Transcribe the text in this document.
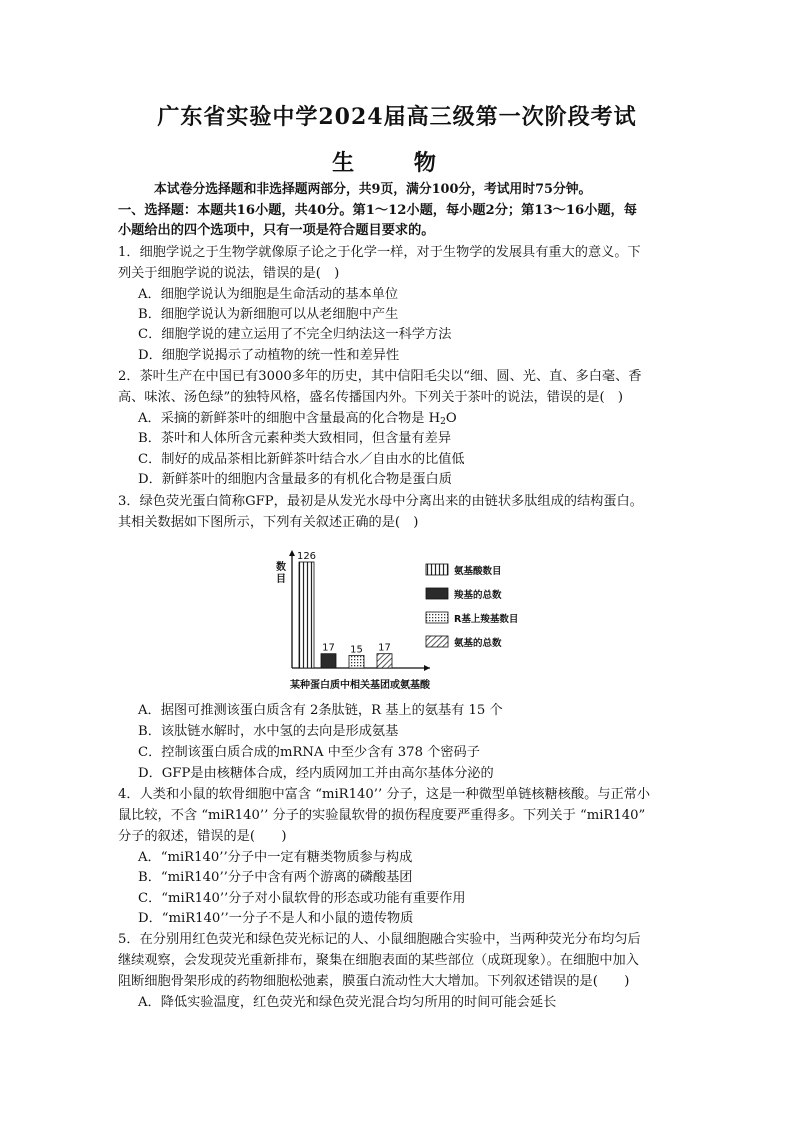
广东省实验中学2024届高三级第一次阶段考试
生 物
本试卷分选择题和非选择题两部分，共9页，满分100分，考试用时75分钟。
一、选择题：本题共16小题，共40分。第1～12小题，每小题2分；第13～16小题，每
小题给出的四个选项中，只有一项是符合题目要求的。
1．细胞学说之于生物学就像原子论之于化学一样，对于生物学的发展具有重大的意义。下
列关于细胞学说的说法，错误的是(　)
A．细胞学说认为细胞是生命活动的基本单位
B．细胞学说认为新细胞可以从老细胞中产生
C．细胞学说的建立运用了不完全归纳法这一科学方法
D．细胞学说揭示了动植物的统一性和差异性
2．茶叶生产在中国已有3000多年的历史，其中信阳毛尖以“细、圆、光、直、多白毫、香
高、味浓、汤色绿”的独特风格，盛名传播国内外。下列关于茶叶的说法，错误的是(　)
A．采摘的新鲜茶叶的细胞中含量最高的化合物是 $H_2O$
B．茶叶和人体所含元素种类大致相同，但含量有差异
C．制好的成品茶相比新鲜茶叶结合水／自由水的比值低
D．新鲜茶叶的细胞内含量最多的有机化合物是蛋白质
3．绿色荧光蛋白简称GFP，最初是从发光水母中分离出来的由链状多肽组成的结构蛋白。
其相关数据如下图所示，下列有关叙述正确的是(　)
数目
某种蛋白质中相关基团或氨基酸
126
17 15 17
氨基酸数目
羧基的总数
R基上羧基数目
氨基的总数
A．据图可推测该蛋白质含有 2条肽链，R 基上的氨基有 15 个
B．该肽链水解时，水中氢的去向是形成氨基
C．控制该蛋白质合成的mRNA 中至少含有 378 个密码子
D．GFP是由核糖体合成，经内质网加工并由高尔基体分泌的
4．人类和小鼠的软骨细胞中富含 “miR140’’ 分子，这是一种微型单链核糖核酸。与正常小
鼠比较，不含 “miR140’’ 分子的实验鼠软骨的损伤程度要严重得多。下列关于 “miR140”
分子的叙述，错误的是(　　)
A．“miR140’’分子中一定有糖类物质参与构成
B．“miR140’’分子中含有两个游离的磷酸基团
C．“miR140’’分子对小鼠软骨的形态或功能有重要作用
D．“miR140’’一分子不是人和小鼠的遗传物质
5．在分别用红色荧光和绿色荧光标记的人、小鼠细胞融合实验中，当两种荧光分布均匀后
继续观察，会发现荧光重新排布，聚集在细胞表面的某些部位（成斑现象）。在细胞中加入
阻断细胞骨架形成的药物细胞松弛素，膜蛋白流动性大大增加。下列叙述错误的是(　　)
A．降低实验温度，红色荧光和绿色荧光混合均匀所用的时间可能会延长
